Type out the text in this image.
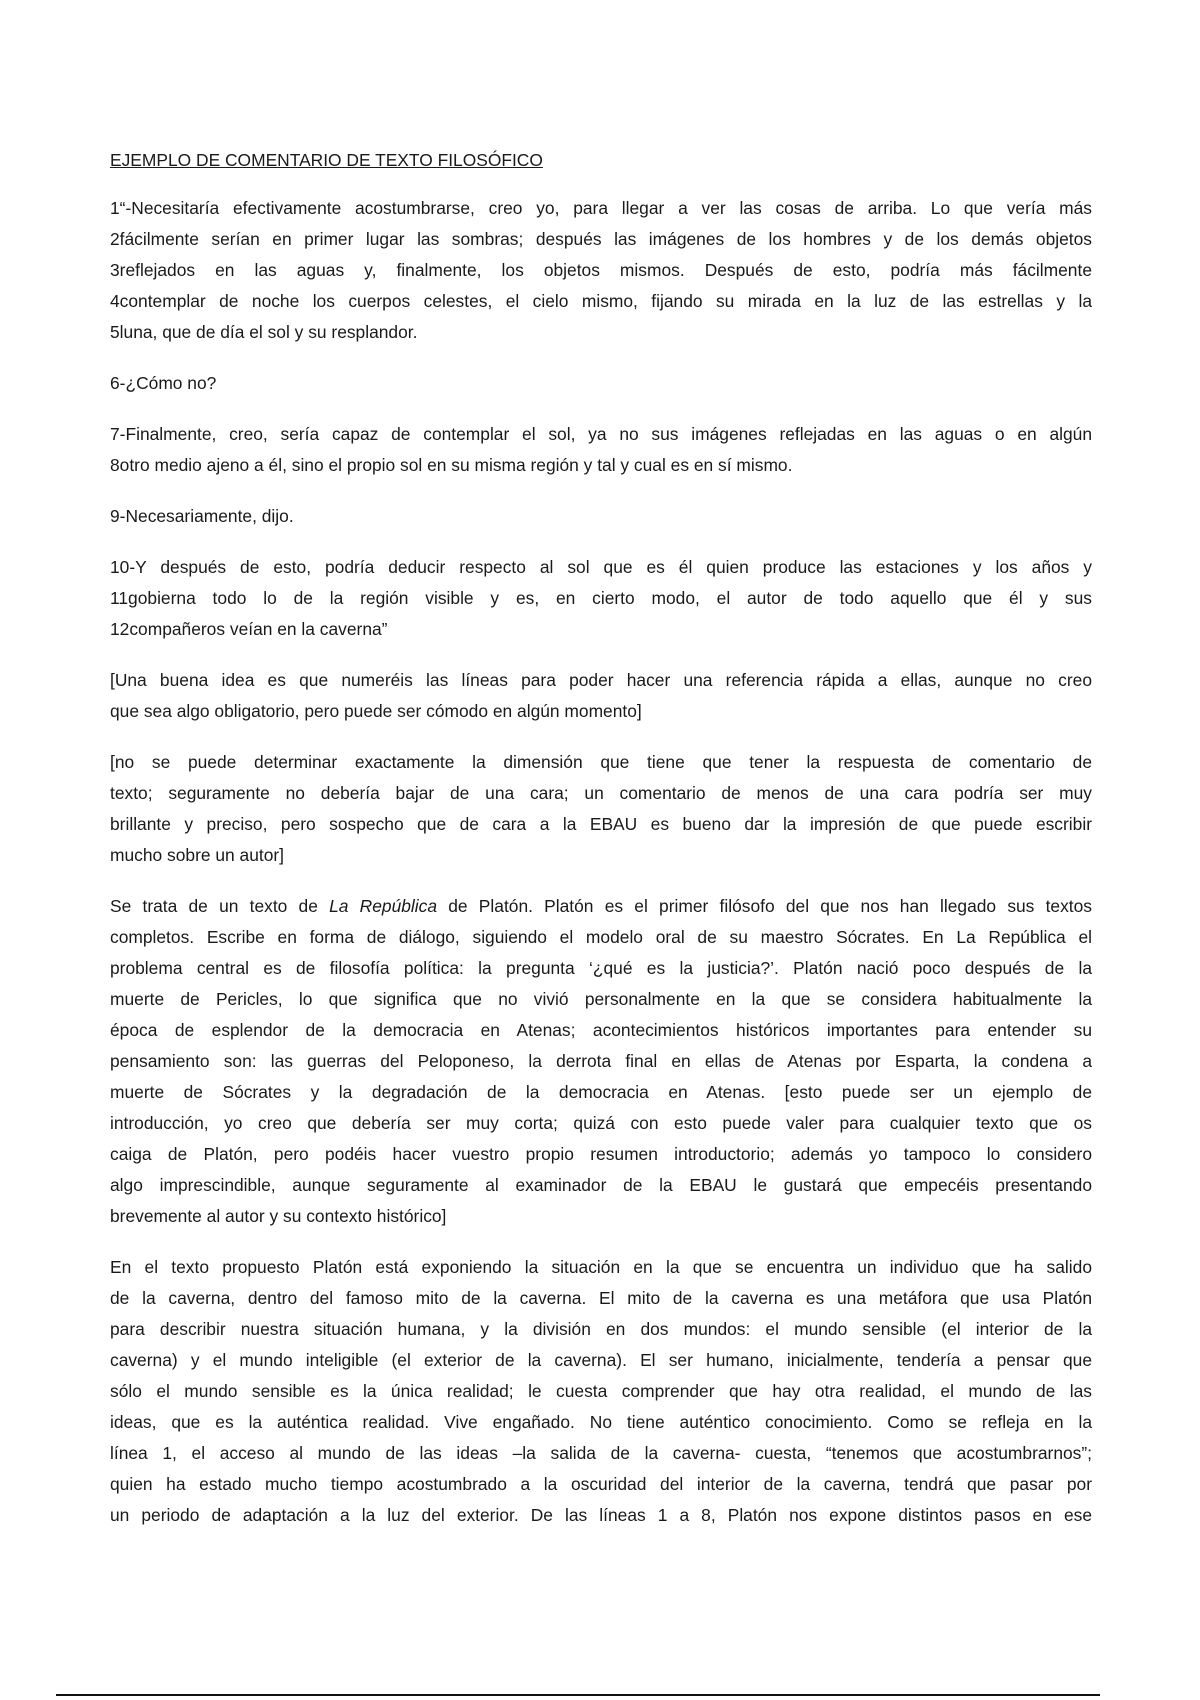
EJEMPLO DE COMENTARIO DE TEXTO FILOSÓFICO

1“-Necesitaría efectivamente acostumbrarse, creo yo, para llegar a ver las cosas de arriba. Lo que vería más
2fácilmente serían en primer lugar las sombras; después las imágenes de los hombres y de los demás objetos
3reflejados en las aguas y, finalmente, los objetos mismos. Después de esto, podría más fácilmente
4contemplar de noche los cuerpos celestes, el cielo mismo, fijando su mirada en la luz de las estrellas y la
5luna, que de día el sol y su resplandor.

6-¿Cómo no?

7-Finalmente, creo, sería capaz de contemplar el sol, ya no sus imágenes reflejadas en las aguas o en algún
8otro medio ajeno a él, sino el propio sol en su misma región y tal y cual es en sí mismo.

9-Necesariamente, dijo.

10-Y después de esto, podría deducir respecto al sol que es él quien produce las estaciones y los años y
11gobierna todo lo de la región visible y es, en cierto modo, el autor de todo aquello que él y sus
12compañeros veían en la caverna”

[Una buena idea es que numeréis las líneas para poder hacer una referencia rápida a ellas, aunque no creo
que sea algo obligatorio, pero puede ser cómodo en algún momento]

[no se puede determinar exactamente la dimensión que tiene que tener la respuesta de comentario de
texto; seguramente no debería bajar de una cara; un comentario de menos de una cara podría ser muy
brillante y preciso, pero sospecho que de cara a la EBAU es bueno dar la impresión de que puede escribir
mucho sobre un autor]

Se trata de un texto de La República de Platón. Platón es el primer filósofo del que nos han llegado sus textos
completos. Escribe en forma de diálogo, siguiendo el modelo oral de su maestro Sócrates. En La República el
problema central es de filosofía política: la pregunta ‘¿qué es la justicia?’. Platón nació poco después de la
muerte de Pericles, lo que significa que no vivió personalmente en la que se considera habitualmente la
época de esplendor de la democracia en Atenas; acontecimientos históricos importantes para entender su
pensamiento son: las guerras del Peloponeso, la derrota final en ellas de Atenas por Esparta, la condena a
muerte de Sócrates y la degradación de la democracia en Atenas. [esto puede ser un ejemplo de
introducción, yo creo que debería ser muy corta; quizá con esto puede valer para cualquier texto que os
caiga de Platón, pero podéis hacer vuestro propio resumen introductorio; además yo tampoco lo considero
algo imprescindible, aunque seguramente al examinador de la EBAU le gustará que empecéis presentando
brevemente al autor y su contexto histórico]

En el texto propuesto Platón está exponiendo la situación en la que se encuentra un individuo que ha salido
de la caverna, dentro del famoso mito de la caverna. El mito de la caverna es una metáfora que usa Platón
para describir nuestra situación humana, y la división en dos mundos: el mundo sensible (el interior de la
caverna) y el mundo inteligible (el exterior de la caverna). El ser humano, inicialmente, tendería a pensar que
sólo el mundo sensible es la única realidad; le cuesta comprender que hay otra realidad, el mundo de las
ideas, que es la auténtica realidad. Vive engañado. No tiene auténtico conocimiento. Como se refleja en la
línea 1, el acceso al mundo de las ideas –la salida de la caverna- cuesta, “tenemos que acostumbrarnos”;
quien ha estado mucho tiempo acostumbrado a la oscuridad del interior de la caverna, tendrá que pasar por
un periodo de adaptación a la luz del exterior. De las líneas 1 a 8, Platón nos expone distintos pasos en ese
